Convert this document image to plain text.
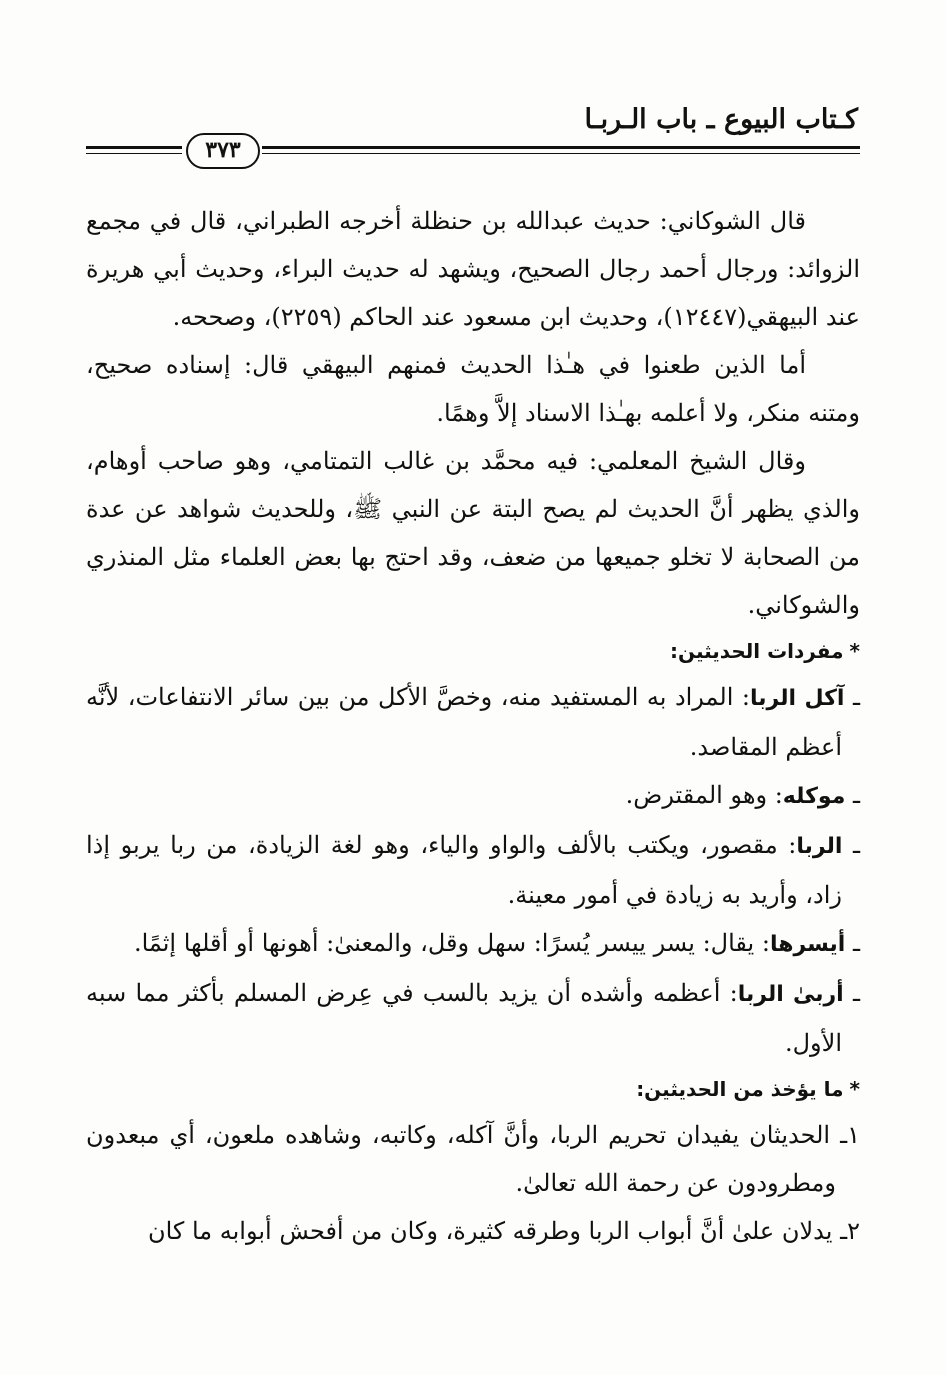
كـتاب البيوع ـ باب الـربـا
٣٧٣

قال الشوكاني: حديث عبدالله بن حنظلة أخرجه الطبراني، قال في مجمع الزوائد: ورجال أحمد رجال الصحيح، ويشهد له حديث البراء، وحديث أبي هريرة عند البيهقي(١٢٤٤٧)، وحديث ابن مسعود عند الحاكم (٢٢٥٩)، وصححه.

أما الذين طعنوا في هـٰذا الحديث فمنهم البيهقي قال: إسناده صحيح، ومتنه منكر، ولا أعلمه بهـٰذا الاسناد إلاَّ وهمًا.

وقال الشيخ المعلمي: فيه محمَّد بن غالب التمتامي، وهو صاحب أوهام، والذي يظهر أنَّ الحديث لم يصح البتة عن النبي ﷺ، وللحديث شواهد عن عدة من الصحابة لا تخلو جميعها من ضعف، وقد احتج بها بعض العلماء مثل المنذري والشوكاني.

*مفردات الحديثين:
ـ آكل الربا: المراد به المستفيد منه، وخصَّ الأكل من بين سائر الانتفاعات، لأنَّه أعظم المقاصد.
ـ موكله: وهو المقترض.
ـ الربا: مقصور، ويكتب بالألف والواو والياء، وهو لغة الزيادة، من ربا يربو إذا زاد، وأريد به زيادة في أمور معينة.
ـ أيسرها: يقال: يسر ييسر يُسرًا: سهل وقل، والمعنىٰ: أهونها أو أقلها إثمًا.
ـ أربىٰ الربا: أعظمه وأشده أن يزيد بالسب في عِرض المسلم بأكثر مما سبه الأول.
*ما يؤخذ من الحديثين:
١ـ الحديثان يفيدان تحريم الربا، وأنَّ آكله، وكاتبه، وشاهده ملعون، أي مبعدون ومطرودون عن رحمة الله تعالىٰ.
٢ـ يدلان علىٰ أنَّ أبواب الربا وطرقه كثيرة، وكان من أفحش أبوابه ما كان
